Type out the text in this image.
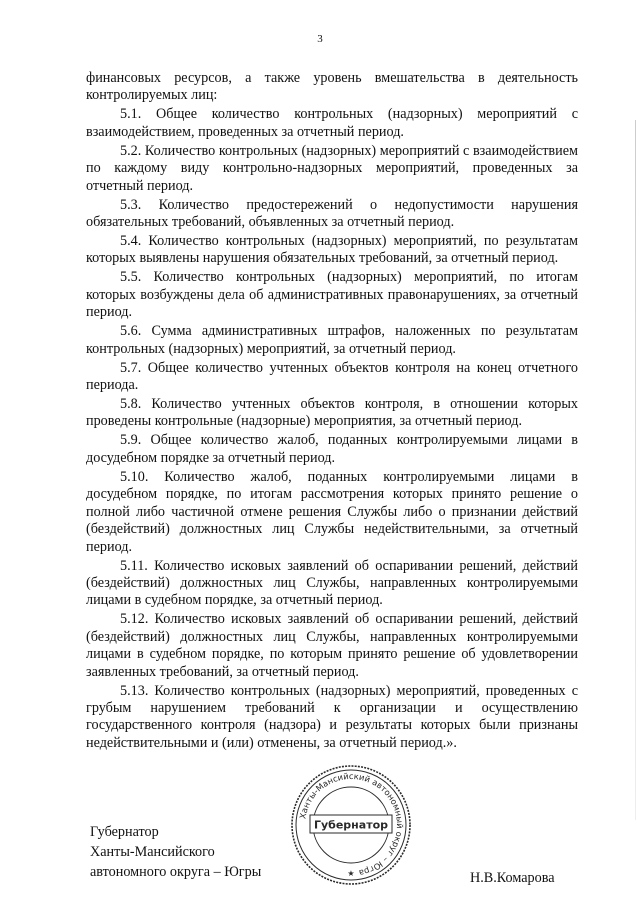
3

финансовых ресурсов, а также уровень вмешательства в деятельность контролируемых лиц:

5.1. Общее количество контрольных (надзорных) мероприятий с взаимодействием, проведенных за отчетный период.

5.2. Количество контрольных (надзорных) мероприятий с взаимодействием по каждому виду контрольно-надзорных мероприятий, проведенных за отчетный период.

5.3. Количество предостережений о недопустимости нарушения обязательных требований, объявленных за отчетный период.

5.4. Количество контрольных (надзорных) мероприятий, по результатам которых выявлены нарушения обязательных требований, за отчетный период.

5.5. Количество контрольных (надзорных) мероприятий, по итогам которых возбуждены дела об административных правонарушениях, за отчетный период.

5.6. Сумма административных штрафов, наложенных по результатам контрольных (надзорных) мероприятий, за отчетный период.

5.7. Общее количество учтенных объектов контроля на конец отчетного периода.

5.8. Количество учтенных объектов контроля, в отношении которых проведены контрольные (надзорные) мероприятия, за отчетный период.

5.9. Общее количество жалоб, поданных контролируемыми лицами в досудебном порядке за отчетный период.

5.10. Количество жалоб, поданных контролируемыми лицами в досудебном порядке, по итогам рассмотрения которых принято решение о полной либо частичной отмене решения Службы либо о признании действий (бездействий) должностных лиц Службы недействительными, за отчетный период.

5.11. Количество исковых заявлений об оспаривании решений, действий (бездействий) должностных лиц Службы, направленных контролируемыми лицами в судебном порядке, за отчетный период.

5.12. Количество исковых заявлений об оспаривании решений, действий (бездействий) должностных лиц Службы, направленных контролируемыми лицами в судебном порядке, по которым принято решение об удовлетворении заявленных требований, за отчетный период.

5.13. Количество контрольных (надзорных) мероприятий, проведенных с грубым нарушением требований к организации и осуществлению государственного контроля (надзора) и результаты которых были признаны недействительными и (или) отменены, за отчетный период.».

Губернатор
Ханты-Мансийского
автономного округа – Югры	Н.В.Комарова
Ханты-Мансийский автономный округ – Югра
Губернатор
★
